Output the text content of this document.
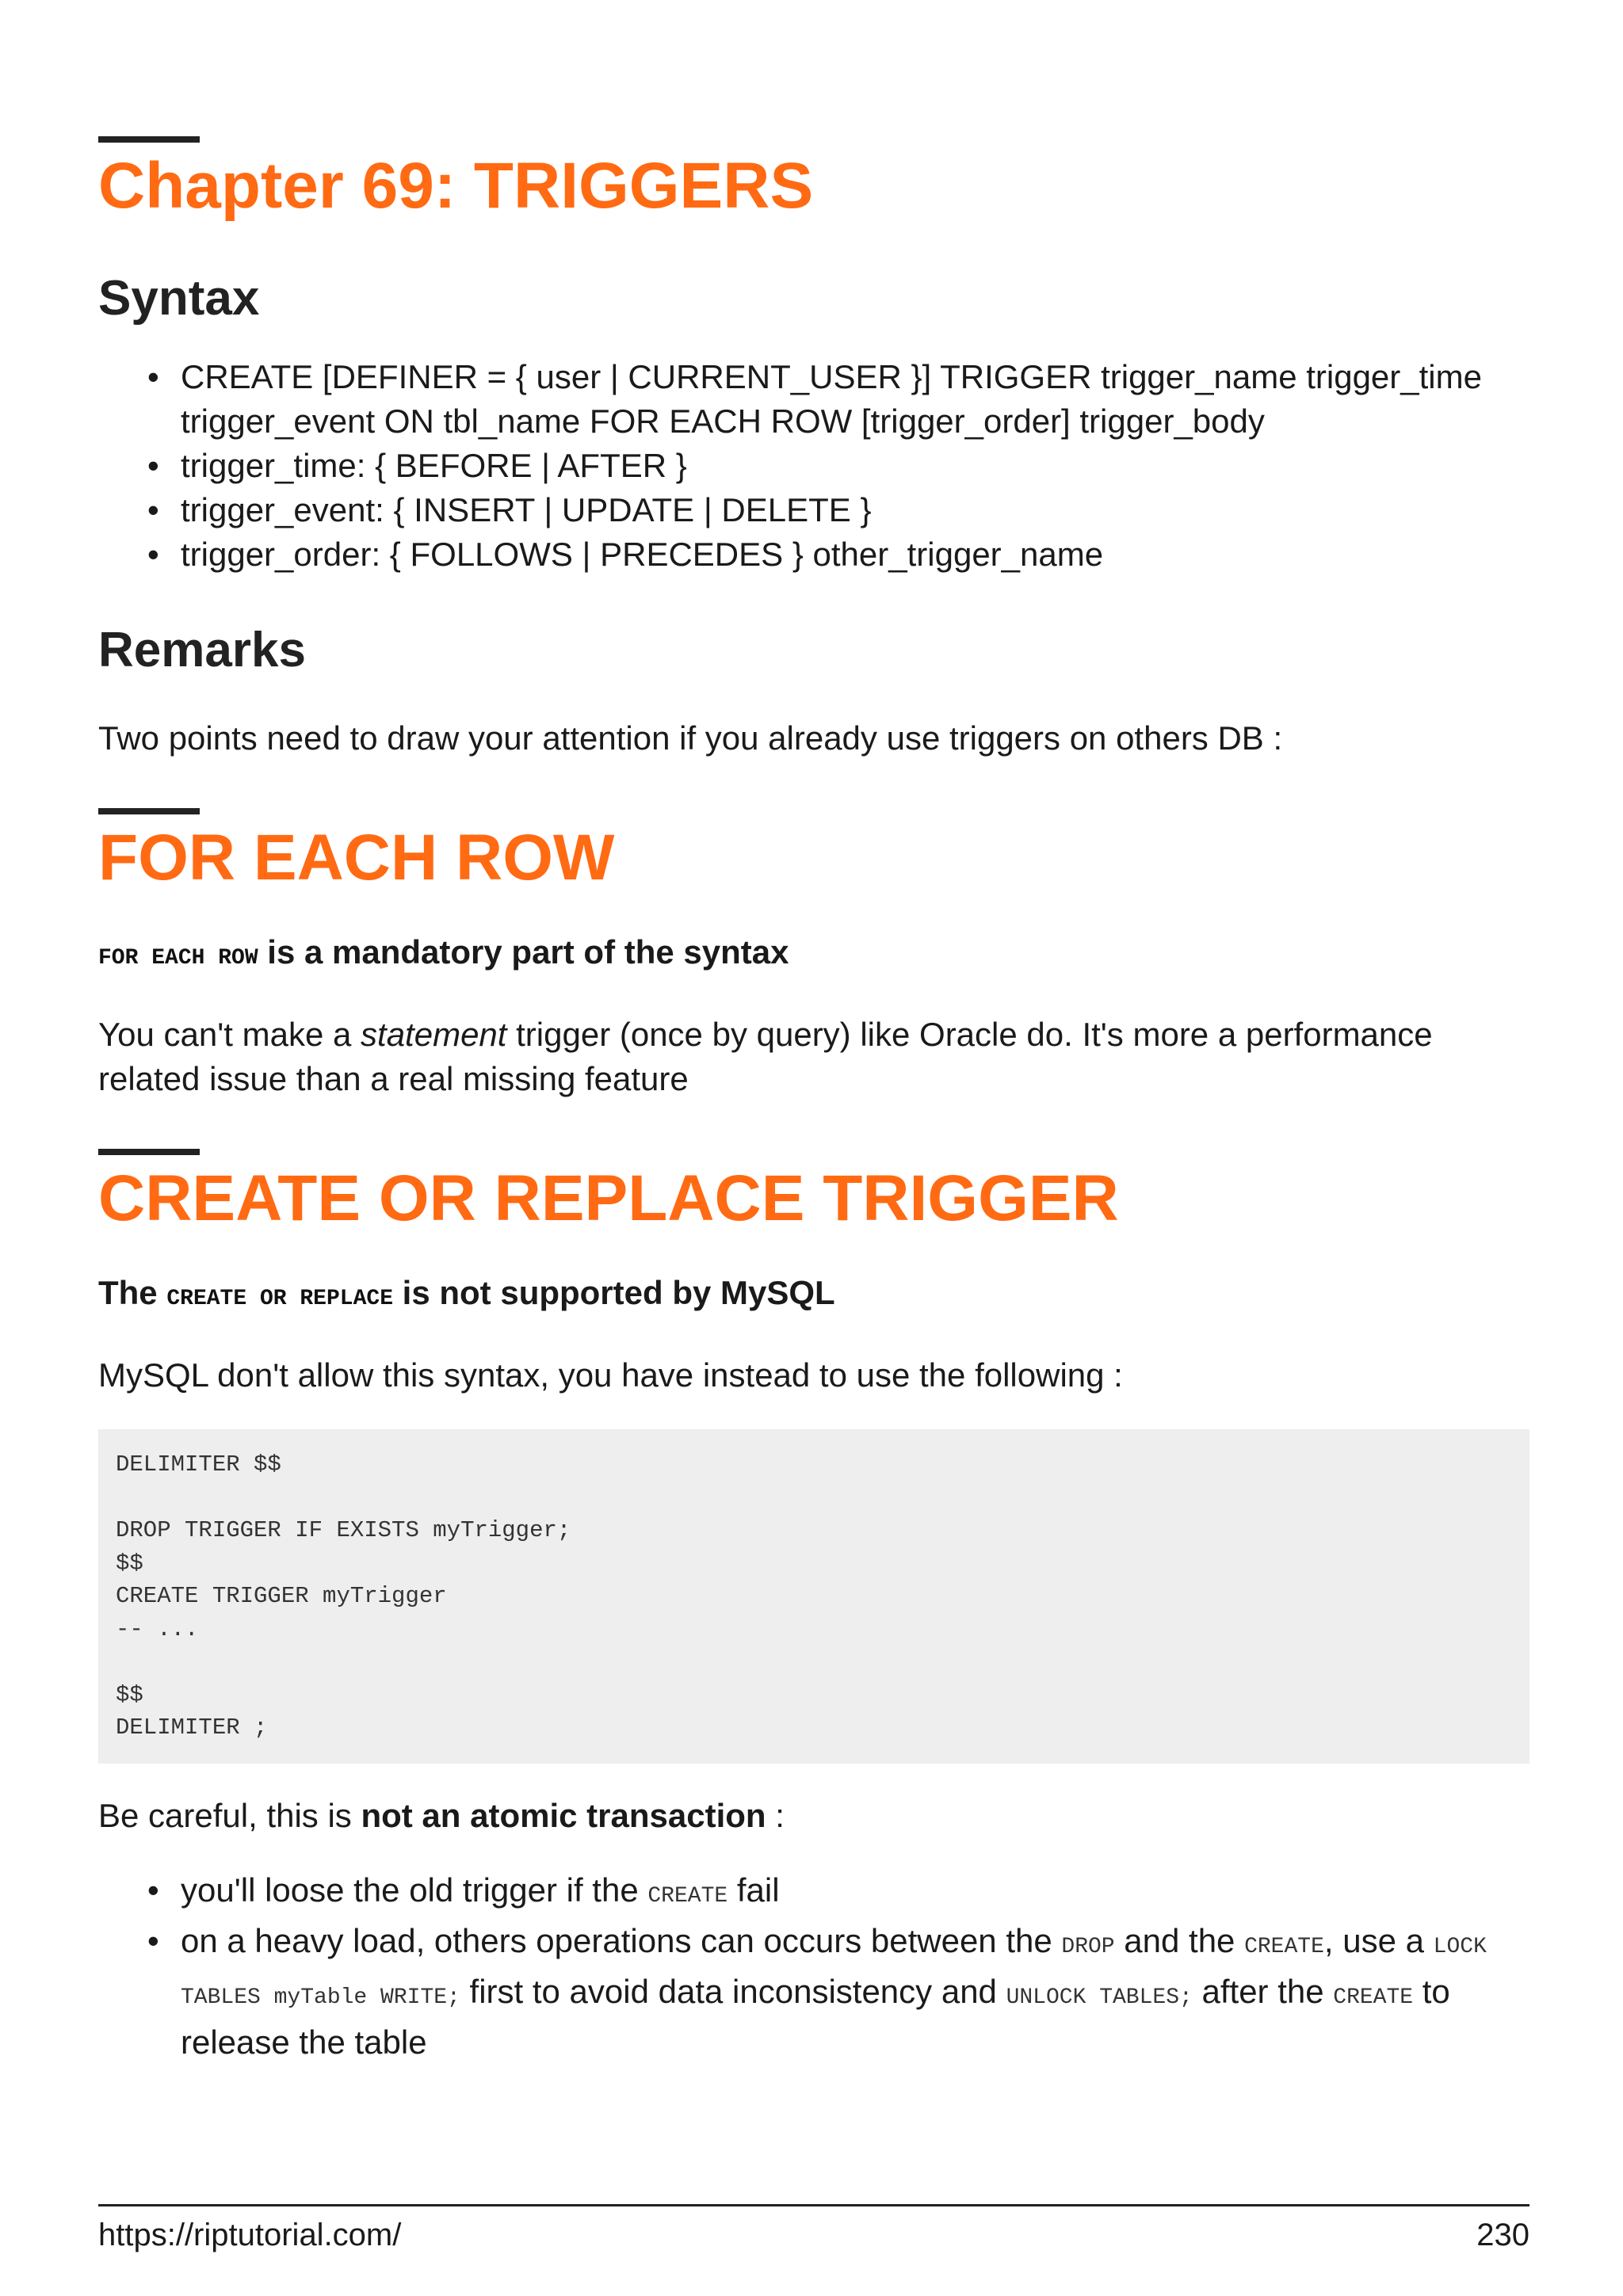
Chapter 69: TRIGGERS
Syntax
• CREATE [DEFINER = { user | CURRENT_USER }] TRIGGER trigger_name trigger_time trigger_event ON tbl_name FOR EACH ROW [trigger_order] trigger_body
• trigger_time: { BEFORE | AFTER }
• trigger_event: { INSERT | UPDATE | DELETE }
• trigger_order: { FOLLOWS | PRECEDES } other_trigger_name
Remarks

Two points need to draw your attention if you already use triggers on others DB :

FOR EACH ROW

FOR EACH ROW is a mandatory part of the syntax

You can't make a statement trigger (once by query) like Oracle do. It's more a performance related issue than a real missing feature

CREATE OR REPLACE TRIGGER

The CREATE OR REPLACE is not supported by MySQL

MySQL don't allow this syntax, you have instead to use the following :

DELIMITER $$

DROP TRIGGER IF EXISTS myTrigger;
$$
CREATE TRIGGER myTrigger
-- ...

$$
DELIMITER ;

Be careful, this is not an atomic transaction :

• you'll loose the old trigger if the CREATE fail
• on a heavy load, others operations can occurs between the DROP and the CREATE, use a LOCK TABLES myTable WRITE; first to avoid data inconsistency and UNLOCK TABLES; after the CREATE to release the table
https://riptutorial.com/	230
